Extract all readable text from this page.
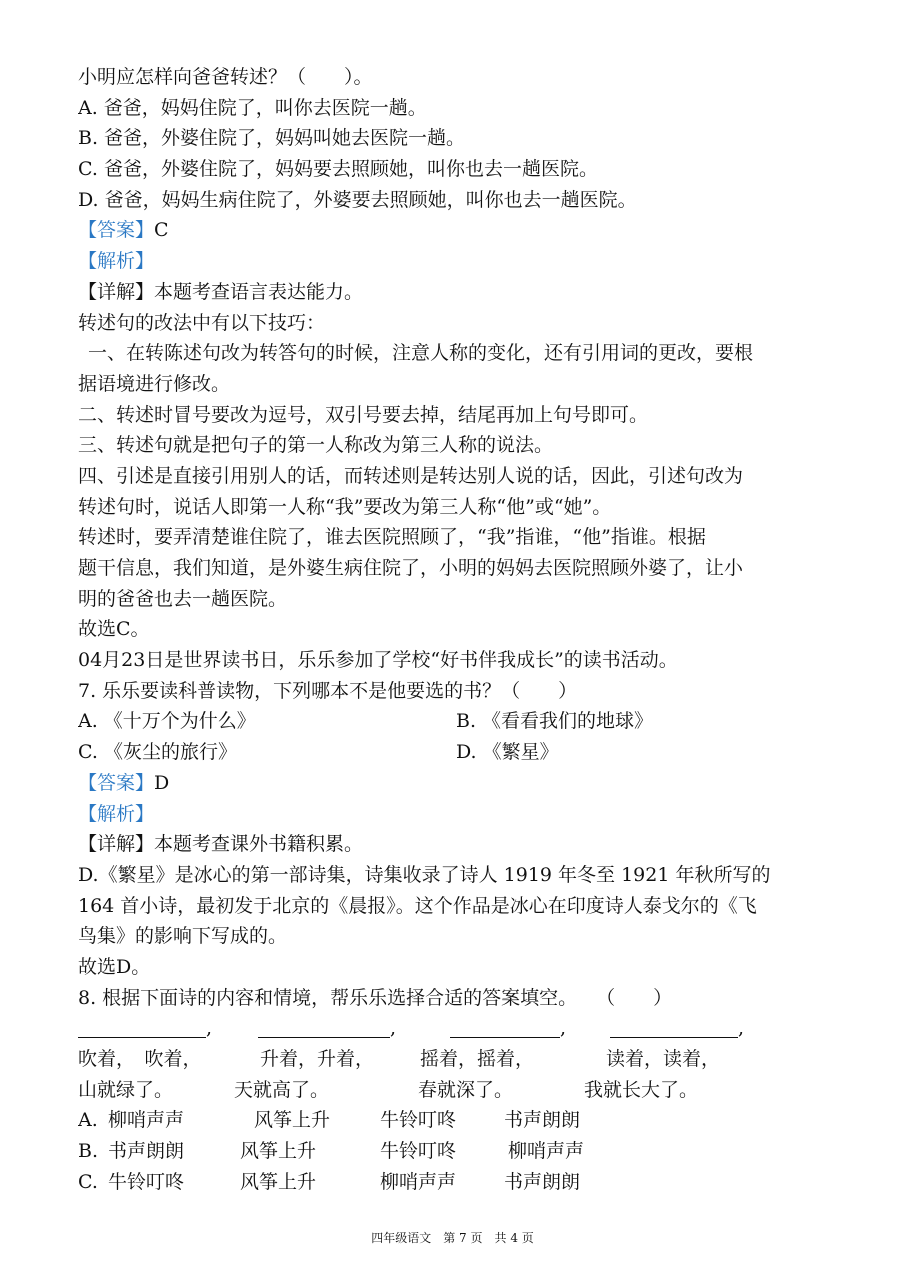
小明应怎样向爸爸转述？（　　）。
A. 爸爸，妈妈住院了，叫你去医院一趟。
B. 爸爸，外婆住院了，妈妈叫她去医院一趟。
C. 爸爸，外婆住院了，妈妈要去照顾她，叫你也去一趟医院。
D. 爸爸，妈妈生病住院了，外婆要去照顾她，叫你也去一趟医院。
【答案】C
【解析】
【详解】本题考查语言表达能力。
转述句的改法中有以下技巧：
一、在转陈述句改为转答句的时候，注意人称的变化，还有引用词的更改，要根
据语境进行修改。
二、转述时冒号要改为逗号，双引号要去掉，结尾再加上句号即可。
三、转述句就是把句子的第一人称改为第三人称的说法。
四、引述是直接引用别人的话，而转述则是转达别人说的话，因此，引述句改为
转述句时，说话人即第一人称“我”要改为第三人称“他”或“她”。
转述时，要弄清楚谁住院了，谁去医院照顾了，“我”指谁，“他”指谁。根据
题干信息，我们知道，是外婆生病住院了，小明的妈妈去医院照顾外婆了，让小
明的爸爸也去一趟医院。
故选C。
04月23日是世界读书日，乐乐参加了学校“好书伴我成长”的读书活动。
7. 乐乐要读科普读物，下列哪本不是他要选的书？（　　）
A. 《十万个为什么》	B. 《看看我们的地球》
C. 《灰尘的旅行》	D. 《繁星》
【答案】D
【解析】
【详解】本题考查课外书籍积累。
D.《繁星》是冰心的第一部诗集，诗集收录了诗人 1919 年冬至 1921 年秋所写的
164 首小诗，最初发于北京的《晨报》。这个作品是冰心在印度诗人泰戈尔的《飞
鸟集》的影响下写成的。
故选D。
8. 根据下面诗的内容和情境，帮乐乐选择合适的答案填空。　　（　　）
,	,	,	,
吹着，　吹着，	升着，升着，	摇着，摇着，	读着，读着，
山就绿了。	天就高了。	春就深了。	我就长大了。
A. 柳哨声声	风筝上升	牛铃叮咚	书声朗朗
B. 书声朗朗	风筝上升	牛铃叮咚	柳哨声声
C. 牛铃叮咚	风筝上升	柳哨声声	书声朗朗
四年级语文　第 7 页　共 4 页
